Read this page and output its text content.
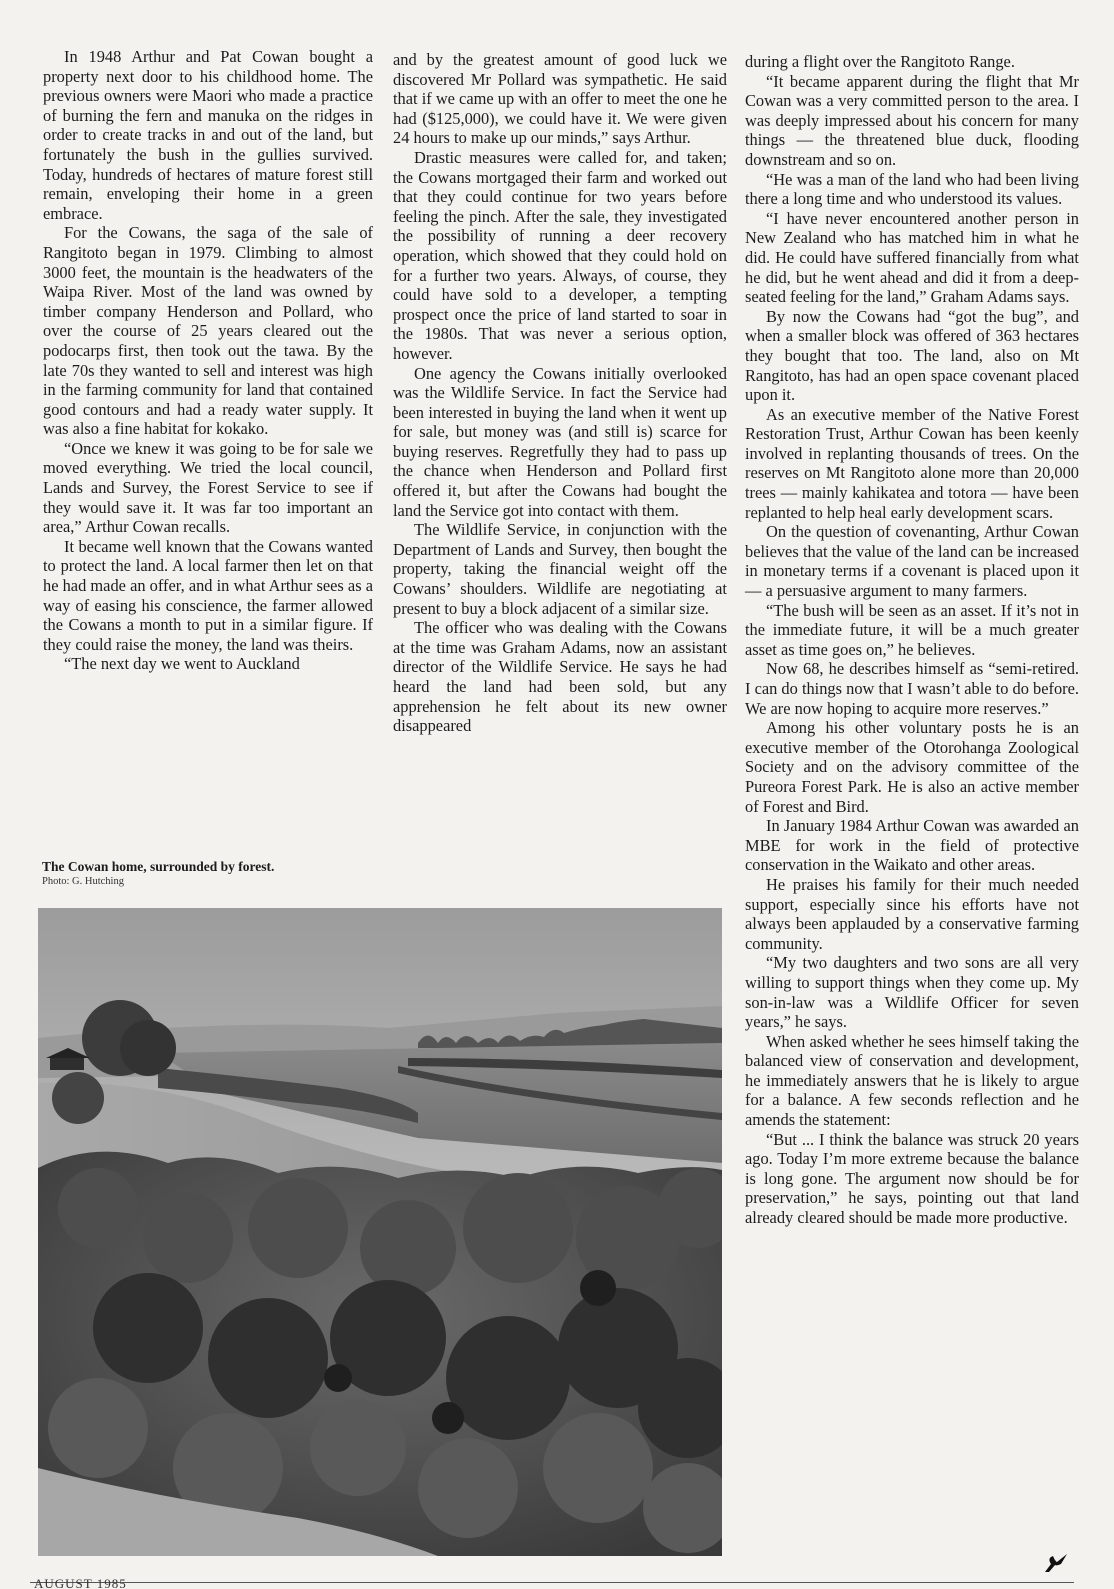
In 1948 Arthur and Pat Cowan bought a property next door to his childhood home. The previous owners were Maori who made a practice of burning the fern and manuka on the ridges in order to create tracks in and out of the land, but fortunately the bush in the gullies survived. Today, hundreds of hectares of mature forest still remain, enveloping their home in a green embrace.

For the Cowans, the saga of the sale of Rangitoto began in 1979. Climbing to almost 3000 feet, the mountain is the headwaters of the Waipa River. Most of the land was owned by timber company Henderson and Pollard, who over the course of 25 years cleared out the podocarps first, then took out the tawa. By the late 70s they wanted to sell and interest was high in the farming community for land that contained good contours and had a ready water supply. It was also a fine habitat for kokako.

“Once we knew it was going to be for sale we moved everything. We tried the local council, Lands and Survey, the Forest Service to see if they would save it. It was far too important an area,” Arthur Cowan recalls.

It became well known that the Cowans wanted to protect the land. A local farmer then let on that he had made an offer, and in what Arthur sees as a way of easing his conscience, the farmer allowed the Cowans a month to put in a similar figure. If they could raise the money, the land was theirs.

“The next day we went to Auckland

and by the greatest amount of good luck we discovered Mr Pollard was sympathetic. He said that if we came up with an offer to meet the one he had ($125,000), we could have it. We were given 24 hours to make up our minds,” says Arthur.

Drastic measures were called for, and taken; the Cowans mortgaged their farm and worked out that they could continue for two years before feeling the pinch. After the sale, they investigated the possibility of running a deer recovery operation, which showed that they could hold on for a further two years. Always, of course, they could have sold to a developer, a tempting prospect once the price of land started to soar in the 1980s. That was never a serious option, however.

One agency the Cowans initially overlooked was the Wildlife Service. In fact the Service had been interested in buying the land when it went up for sale, but money was (and still is) scarce for buying reserves. Regretfully they had to pass up the chance when Henderson and Pollard first offered it, but after the Cowans had bought the land the Service got into contact with them.

The Wildlife Service, in conjunction with the Department of Lands and Survey, then bought the property, taking the financial weight off the Cowans’ shoulders. Wildlife are negotiating at present to buy a block adjacent of a similar size.

The officer who was dealing with the Cowans at the time was Graham Adams, now an assistant director of the Wildlife Service. He says he had heard the land had been sold, but any apprehension he felt about its new owner disappeared

during a flight over the Rangitoto Range.

“It became apparent during the flight that Mr Cowan was a very committed person to the area. I was deeply impressed about his concern for many things — the threatened blue duck, flooding downstream and so on.

“He was a man of the land who had been living there a long time and who understood its values.

“I have never encountered another person in New Zealand who has matched him in what he did. He could have suffered financially from what he did, but he went ahead and did it from a deep-seated feeling for the land,” Graham Adams says.

By now the Cowans had “got the bug”, and when a smaller block was offered of 363 hectares they bought that too. The land, also on Mt Rangitoto, has had an open space covenant placed upon it.

As an executive member of the Native Forest Restoration Trust, Arthur Cowan has been keenly involved in replanting thousands of trees. On the reserves on Mt Rangitoto alone more than 20,000 trees — mainly kahikatea and totora — have been replanted to help heal early development scars.

On the question of covenanting, Arthur Cowan believes that the value of the land can be increased in monetary terms if a covenant is placed upon it — a persuasive argument to many farmers.

“The bush will be seen as an asset. If it’s not in the immediate future, it will be a much greater asset as time goes on,” he believes.

Now 68, he describes himself as “semi-retired. I can do things now that I wasn’t able to do before. We are now hoping to acquire more reserves.”

Among his other voluntary posts he is an executive member of the Otorohanga Zoological Society and on the advisory committee of the Pureora Forest Park. He is also an active member of Forest and Bird.

In January 1984 Arthur Cowan was awarded an MBE for work in the field of protective conservation in the Waikato and other areas.

He praises his family for their much needed support, especially since his efforts have not always been applauded by a conservative farming community.

“My two daughters and two sons are all very willing to support things when they come up. My son-in-law was a Wildlife Officer for seven years,” he says.

When asked whether he sees himself taking the balanced view of conservation and development, he immediately answers that he is likely to argue for a balance. A few seconds reflection and he amends the statement:

“But ... I think the balance was struck 20 years ago. Today I’m more extreme because the balance is long gone. The argument now should be for preservation,” he says, pointing out that land already cleared should be made more productive.

The Cowan home, surrounded by forest.

Photo: G. Hutching

AUGUST 1985
